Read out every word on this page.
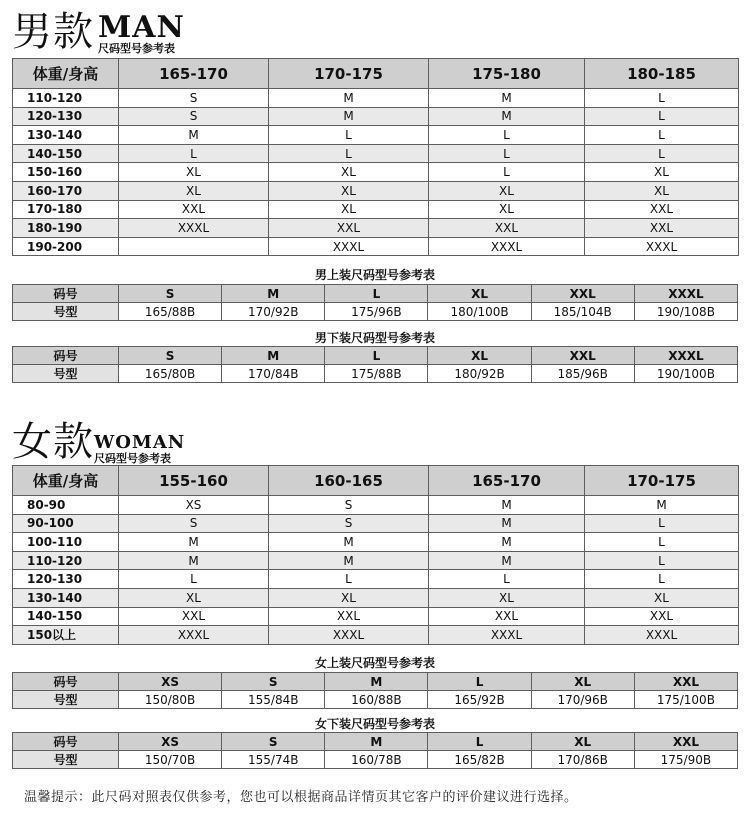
男款 MAN
尺码型号参考表
体重/身高	165-170	170-175	175-180	180-185
110-120	S	M	M	L
120-130	S	M	M	L
130-140	M	L	L	L
140-150	L	L	L	L
150-160	XL	XL	L	XL
160-170	XL	XL	XL	XL
170-180	XXL	XL	XL	XXL
180-190	XXXL	XXL	XXL	XXL
190-200		XXXL	XXXL	XXXL
男上装尺码型号参考表
码号	S	M	L	XL	XXL	XXXL
号型	165/88B	170/92B	175/96B	180/100B	185/104B	190/108B
男下装尺码型号参考表
码号	S	M	L	XL	XXL	XXXL
号型	165/80B	170/84B	175/88B	180/92B	185/96B	190/100B
女款 WOMAN
尺码型号参考表
体重/身高	155-160	160-165	165-170	170-175
80-90	XS	S	M	M
90-100	S	S	M	L
100-110	M	M	M	L
110-120	M	M	M	L
120-130	L	L	L	L
130-140	XL	XL	XL	XL
140-150	XXL	XXL	XXL	XXL
150以上	XXXL	XXXL	XXXL	XXXL
女上装尺码型号参考表
码号	XS	S	M	L	XL	XXL
号型	150/80B	155/84B	160/88B	165/92B	170/96B	175/100B
女下装尺码型号参考表
码号	XS	S	M	L	XL	XXL
号型	150/70B	155/74B	160/78B	165/82B	170/86B	175/90B
温馨提示：此尺码对照表仅供参考，您也可以根据商品详情页其它客户的评价建议进行选择。
